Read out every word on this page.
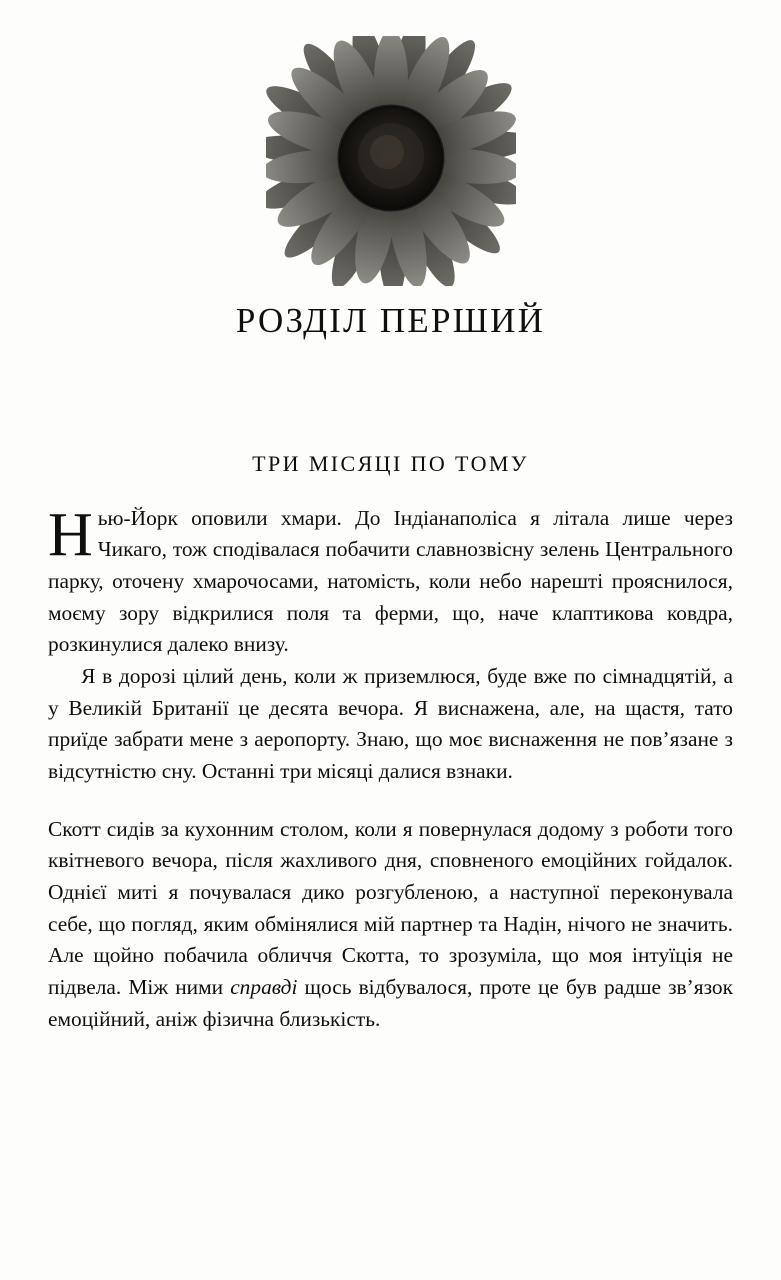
РОЗДІЛ ПЕРШИЙ
ТРИ МІСЯЦІ ПО ТОМУ

Нью-Йорк оповили хмари. До Індіанаполіса я літала лише через Чикаго, тож сподівалася побачити славнозвісну зелень Центрального парку, оточену хмарочосами, натомість, коли небо нарешті прояснилося, моєму зору відкрилися поля та ферми, що, наче клаптикова ковдра, розкинулися далеко внизу.

Я в дорозі цілий день, коли ж приземлюся, буде вже по сімнадцятій, а у Великій Британії це десята вечора. Я виснажена, але, на щастя, тато приїде забрати мене з аеропорту. Знаю, що моє виснаження не пов’язане з відсутністю сну. Останні три місяці далися взнаки.

Скотт сидів за кухонним столом, коли я повернулася додому з роботи того квітневого вечора, після жахливого дня, сповненого емоційних гойдалок. Однієї миті я почувалася дико розгубленою, а наступної переконувала себе, що погляд, яким обмінялися мій партнер та Надін, нічого не значить. Але щойно побачила обличчя Скотта, то зрозуміла, що моя інтуїція не підвела. Між ними справді щось відбувалося, проте це був радше зв’язок емоційний, аніж фізична близькість.
